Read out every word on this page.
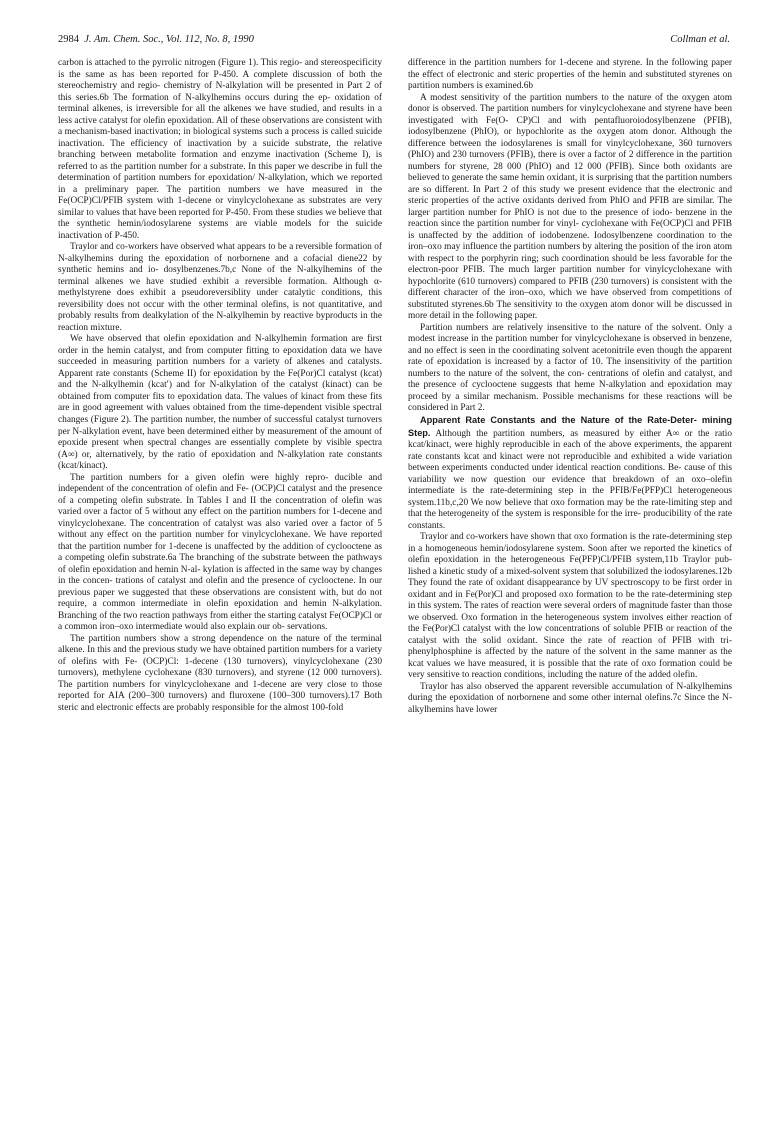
2984 J. Am. Chem. Soc., Vol. 112, No. 8, 1990	Collman et al.

carbon is attached to the pyrrolic nitrogen (Figure 1). This regio- and stereospecificity is the same as has been reported for P-450. A complete discussion of both the stereochemistry and regio- chemistry of N-alkylation will be presented in Part 2 of this series.6b The formation of N-alkylhemins occurs during the ep- oxidation of terminal alkenes, is irreversible for all the alkenes we have studied, and results in a less active catalyst for olefin epoxidation. All of these observations are consistent with a mechanism-based inactivation; in biological systems such a process is called suicide inactivation. The efficiency of inactivation by a suicide substrate, the relative branching between metabolite formation and enzyme inactivation (Scheme I), is referred to as the partition number for a substrate. In this paper we describe in full the determination of partition numbers for epoxidation/ N-alkylation, which we reported in a preliminary paper. The partition numbers we have measured in the Fe(OCP)Cl/PFIB system with 1-decene or vinylcyclohexane as substrates are very similar to values that have been reported for P-450. From these studies we believe that the synthetic hemin/iodosylarene systems are viable models for the suicide inactivation of P-450.

Traylor and co-workers have observed what appears to be a reversible formation of N-alkylhemins during the epoxidation of norbornene and a cofacial diene22 by synthetic hemins and io- dosylbenzenes.7b,c None of the N-alkylhemins of the terminal alkenes we have studied exhibit a reversible formation. Although α-methylstyrene does exhibit a pseudoreversiblity under catalytic conditions, this reversibility does not occur with the other terminal olefins, is not quantitative, and probably results from dealkylation of the N-alkylhemin by reactive byproducts in the reaction mixture.

We have observed that olefin epoxidation and N-alkylhemin formation are first order in the hemin catalyst, and from computer fitting to epoxidation data we have succeeded in measuring partition numbers for a variety of alkenes and catalysts. Apparent rate constants (Scheme II) for epoxidation by the Fe(Por)Cl catalyst (kcat) and the N-alkylhemin (kcat′) and for N-alkylation of the catalyst (kinact) can be obtained from computer fits to epoxidation data. The values of kinact from these fits are in good agreement with values obtained from the time-dependent visible spectral changes (Figure 2). The partition number, the number of successful catalyst turnovers per N-alkylation event, have been determined either by measurement of the amount of epoxide present when spectral changes are essentially complete by visible spectra (A∞) or, alternatively, by the ratio of epoxidation and N-alkylation rate constants (kcat/kinact).

The partition numbers for a given olefin were highly repro- ducible and independent of the concentration of olefin and Fe- (OCP)Cl catalyst and the presence of a competing olefin substrate. In Tables I and II the concentration of olefin was varied over a factor of 5 without any effect on the partition numbers for 1-decene and vinylcyclohexane. The concentration of catalyst was also varied over a factor of 5 without any effect on the partition number for vinylcyclohexane. We have reported that the partition number for 1-decene is unaffected by the addition of cyclooctene as a competing olefin substrate.6a The branching of the substrate between the pathways of olefin epoxidation and hemin N-al- kylation is affected in the same way by changes in the concen- trations of catalyst and olefin and the presence of cyclooctene. In our previous paper we suggested that these observations are consistent with, but do not require, a common intermediate in olefin epoxidation and hemin N-alkylation. Branching of the two reaction pathways from either the starting catalyst Fe(OCP)Cl or a common iron–oxo intermediate would also explain our ob- servations.

The partition numbers show a strong dependence on the nature of the terminal alkene. In this and the previous study we have obtained partition numbers for a variety of olefins with Fe- (OCP)Cl: 1-decene (130 turnovers), vinylcyclohexane (230 turnovers), methylene cyclohexane (830 turnovers), and styrene (12 000 turnovers). The partition numbers for vinylcyclohexane and 1-decene are very close to those reported for AIA (200–300 turnovers) and fluroxene (100–300 turnovers).17 Both steric and electronic effects are probably responsible for the almost 100-fold

difference in the partition numbers for 1-decene and styrene. In the following paper the effect of electronic and steric properties of the hemin and substituted styrenes on partition numbers is examined.6b

A modest sensitivity of the partition numbers to the nature of the oxygen atom donor is observed. The partition numbers for vinylcyclohexane and styrene have been investigated with Fe(O- CP)Cl and with pentafluoroiodosylbenzene (PFIB), iodosylbenzene (PhIO), or hypochlorite as the oxygen atom donor. Although the difference between the iodosylarenes is small for vinylcyclohexane, 360 turnovers (PhIO) and 230 turnovers (PFIB), there is over a factor of 2 difference in the partition numbers for styrene, 28 000 (PhIO) and 12 000 (PFIB). Since both oxidants are believed to generate the same hemin oxidant, it is surprising that the partition numbers are so different. In Part 2 of this study we present evidence that the electronic and steric properties of the active oxidants derived from PhIO and PFIB are similar. The larger partition number for PhIO is not due to the presence of iodo- benzene in the reaction since the partition number for vinyl- cyclohexane with Fe(OCP)Cl and PFIB is unaffected by the addition of iodobenzene. Iodosylbenzene coordination to the iron–oxo may influence the partition numbers by altering the position of the iron atom with respect to the porphyrin ring; such coordination should be less favorable for the electron-poor PFIB. The much larger partition number for vinylcyclohexane with hypochlorite (610 turnovers) compared to PFIB (230 turnovers) is consistent with the different character of the iron–oxo, which we have observed from competitions of substituted styrenes.6b The sensitivity to the oxygen atom donor will be discussed in more detail in the following paper.

Partition numbers are relatively insensitive to the nature of the solvent. Only a modest increase in the partition number for vinylcyclohexane is observed in benzene, and no effect is seen in the coordinating solvent acetonitrile even though the apparent rate of epoxidation is increased by a factor of 10. The insensitivity of the partition numbers to the nature of the solvent, the con- centrations of olefin and catalyst, and the presence of cyclooctene suggests that heme N-alkylation and epoxidation may proceed by a similar mechanism. Possible mechanisms for these reactions will be considered in Part 2.

Apparent Rate Constants and the Nature of the Rate-Deter- mining Step. Although the partition numbers, as measured by either A∞ or the ratio kcat/kinact, were highly reproducible in each of the above experiments, the apparent rate constants kcat and kinact were not reproducible and exhibited a wide variation between experiments conducted under identical reaction conditions. Be- cause of this variability we now question our evidence that breakdown of an oxo–olefin intermediate is the rate-determining step in the PFIB/Fe(PFP)Cl heterogeneous system.11b,c,20 We now believe that oxo formation may be the rate-limiting step and that the heterogeneity of the system is responsible for the irre- producibility of the rate constants.

Traylor and co-workers have shown that oxo formation is the rate-determining step in a homogeneous hemin/iodosylarene system. Soon after we reported the kinetics of olefin epoxidation in the heterogeneous Fe(PFP)Cl/PFIB system,11b Traylor pub- lished a kinetic study of a mixed-solvent system that solubilized the iodosylarenes.12b They found the rate of oxidant disappearance by UV spectroscopy to be first order in oxidant and in Fe(Por)Cl and proposed oxo formation to be the rate-determining step in this system. The rates of reaction were several orders of magnitude faster than those we observed. Oxo formation in the heterogeneous system involves either reaction of the Fe(Por)Cl catalyst with the low concentrations of soluble PFIB or reaction of the catalyst with the solid oxidant. Since the rate of reaction of PFIB with tri- phenylphosphine is affected by the nature of the solvent in the same manner as the kcat values we have measured, it is possible that the rate of oxo formation could be very sensitive to reaction conditions, including the nature of the added olefin.

Traylor has also observed the apparent reversible accumulation of N-alkylhemins during the epoxidation of norbornene and some other internal olefins.7c Since the N-alkylhemins have lower
